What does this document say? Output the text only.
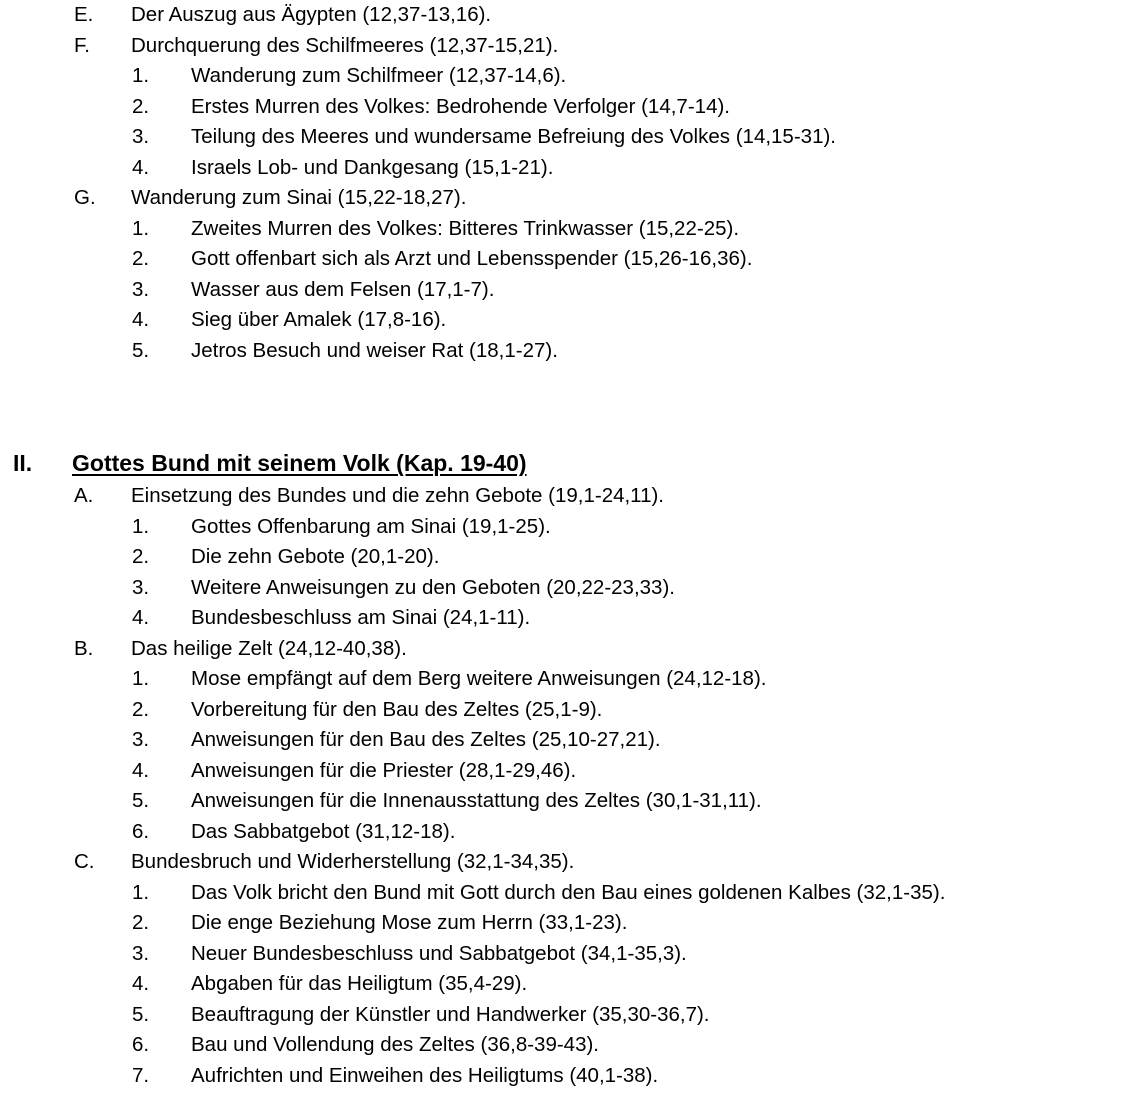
E. Der Auszug aus Ägypten (12,37-13,16).
F. Durchquerung des Schilfmeeres (12,37-15,21).
1. Wanderung zum Schilfmeer (12,37-14,6).
2. Erstes Murren des Volkes: Bedrohende Verfolger (14,7-14).
3. Teilung des Meeres und wundersame Befreiung des Volkes (14,15-31).
4. Israels Lob- und Dankgesang (15,1-21).
G. Wanderung zum Sinai (15,22-18,27).
1. Zweites Murren des Volkes: Bitteres Trinkwasser (15,22-25).
2. Gott offenbart sich als Arzt und Lebensspender (15,26-16,36).
3. Wasser aus dem Felsen (17,1-7).
4. Sieg über Amalek (17,8-16).
5. Jetros Besuch und weiser Rat (18,1-27).
II. Gottes Bund mit seinem Volk (Kap. 19-40)
A. Einsetzung des Bundes und die zehn Gebote (19,1-24,11).
1. Gottes Offenbarung am Sinai (19,1-25).
2. Die zehn Gebote (20,1-20).
3. Weitere Anweisungen zu den Geboten (20,22-23,33).
4. Bundesbeschluss am Sinai (24,1-11).
B. Das heilige Zelt (24,12-40,38).
1. Mose empfängt auf dem Berg weitere Anweisungen (24,12-18).
2. Vorbereitung für den Bau des Zeltes (25,1-9).
3. Anweisungen für den Bau des Zeltes (25,10-27,21).
4. Anweisungen für die Priester (28,1-29,46).
5. Anweisungen für die Innenausstattung des Zeltes (30,1-31,11).
6. Das Sabbatgebot (31,12-18).
C. Bundesbruch und Widerherstellung (32,1-34,35).
1. Das Volk bricht den Bund mit Gott durch den Bau eines goldenen Kalbes (32,1-35).
2. Die enge Beziehung Mose zum Herrn (33,1-23).
3. Neuer Bundesbeschluss und Sabbatgebot (34,1-35,3).
4. Abgaben für das Heiligtum (35,4-29).
5. Beauftragung der Künstler und Handwerker (35,30-36,7).
6. Bau und Vollendung des Zeltes (36,8-39-43).
7. Aufrichten und Einweihen des Heiligtums (40,1-38).
